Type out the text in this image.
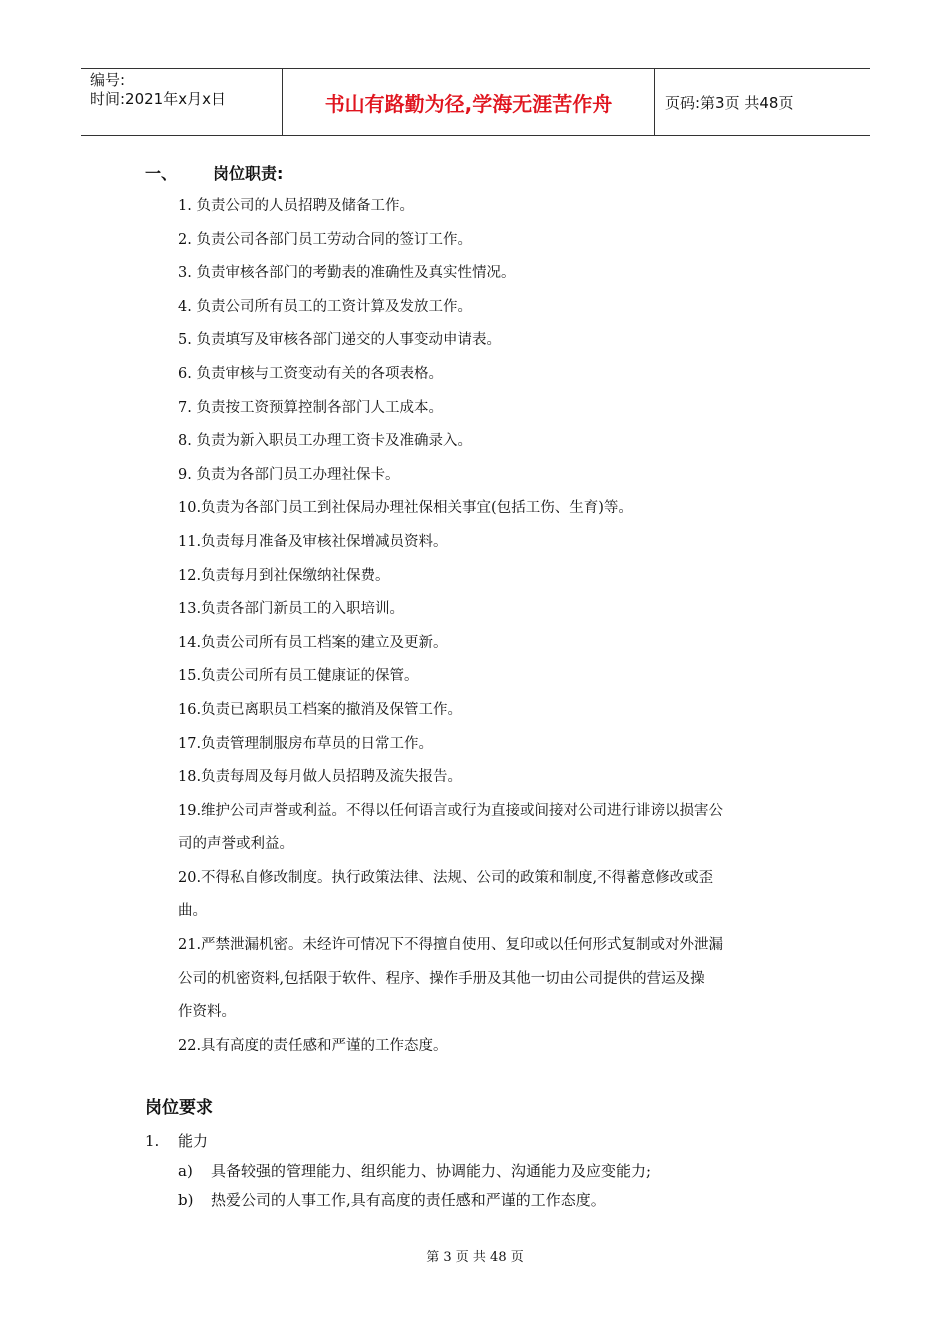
编号:
时间:2021年x月x日	书山有路勤为径,学海无涯苦作舟	页码:第3页 共48页
一、 岗位职责:
1. 负责公司的人员招聘及储备工作。
2. 负责公司各部门员工劳动合同的签订工作。
3. 负责审核各部门的考勤表的准确性及真实性情况。
4. 负责公司所有员工的工资计算及发放工作。
5. 负责填写及审核各部门递交的人事变动申请表。
6. 负责审核与工资变动有关的各项表格。
7. 负责按工资预算控制各部门人工成本。
8. 负责为新入职员工办理工资卡及准确录入。
9. 负责为各部门员工办理社保卡。
10.负责为各部门员工到社保局办理社保相关事宜(包括工伤、生育)等。
11.负责每月准备及审核社保增减员资料。
12.负责每月到社保缴纳社保费。
13.负责各部门新员工的入职培训。
14.负责公司所有员工档案的建立及更新。
15.负责公司所有员工健康证的保管。
16.负责已离职员工档案的撤消及保管工作。
17.负责管理制服房布草员的日常工作。
18.负责每周及每月做人员招聘及流失报告。
19.维护公司声誉或利益。不得以任何语言或行为直接或间接对公司进行诽谤以损害公
司的声誉或利益。
20.不得私自修改制度。执行政策法律、法规、公司的政策和制度,不得蓄意修改或歪
曲。
21.严禁泄漏机密。未经许可情况下不得擅自使用、复印或以任何形式复制或对外泄漏
公司的机密资料,包括限于软件、程序、操作手册及其他一切由公司提供的营运及操
作资料。
22.具有高度的责任感和严谨的工作态度。
岗位要求
1. 能力
a) 具备较强的管理能力、组织能力、协调能力、沟通能力及应变能力;
b) 热爱公司的人事工作,具有高度的责任感和严谨的工作态度。
第 3 页 共 48 页
